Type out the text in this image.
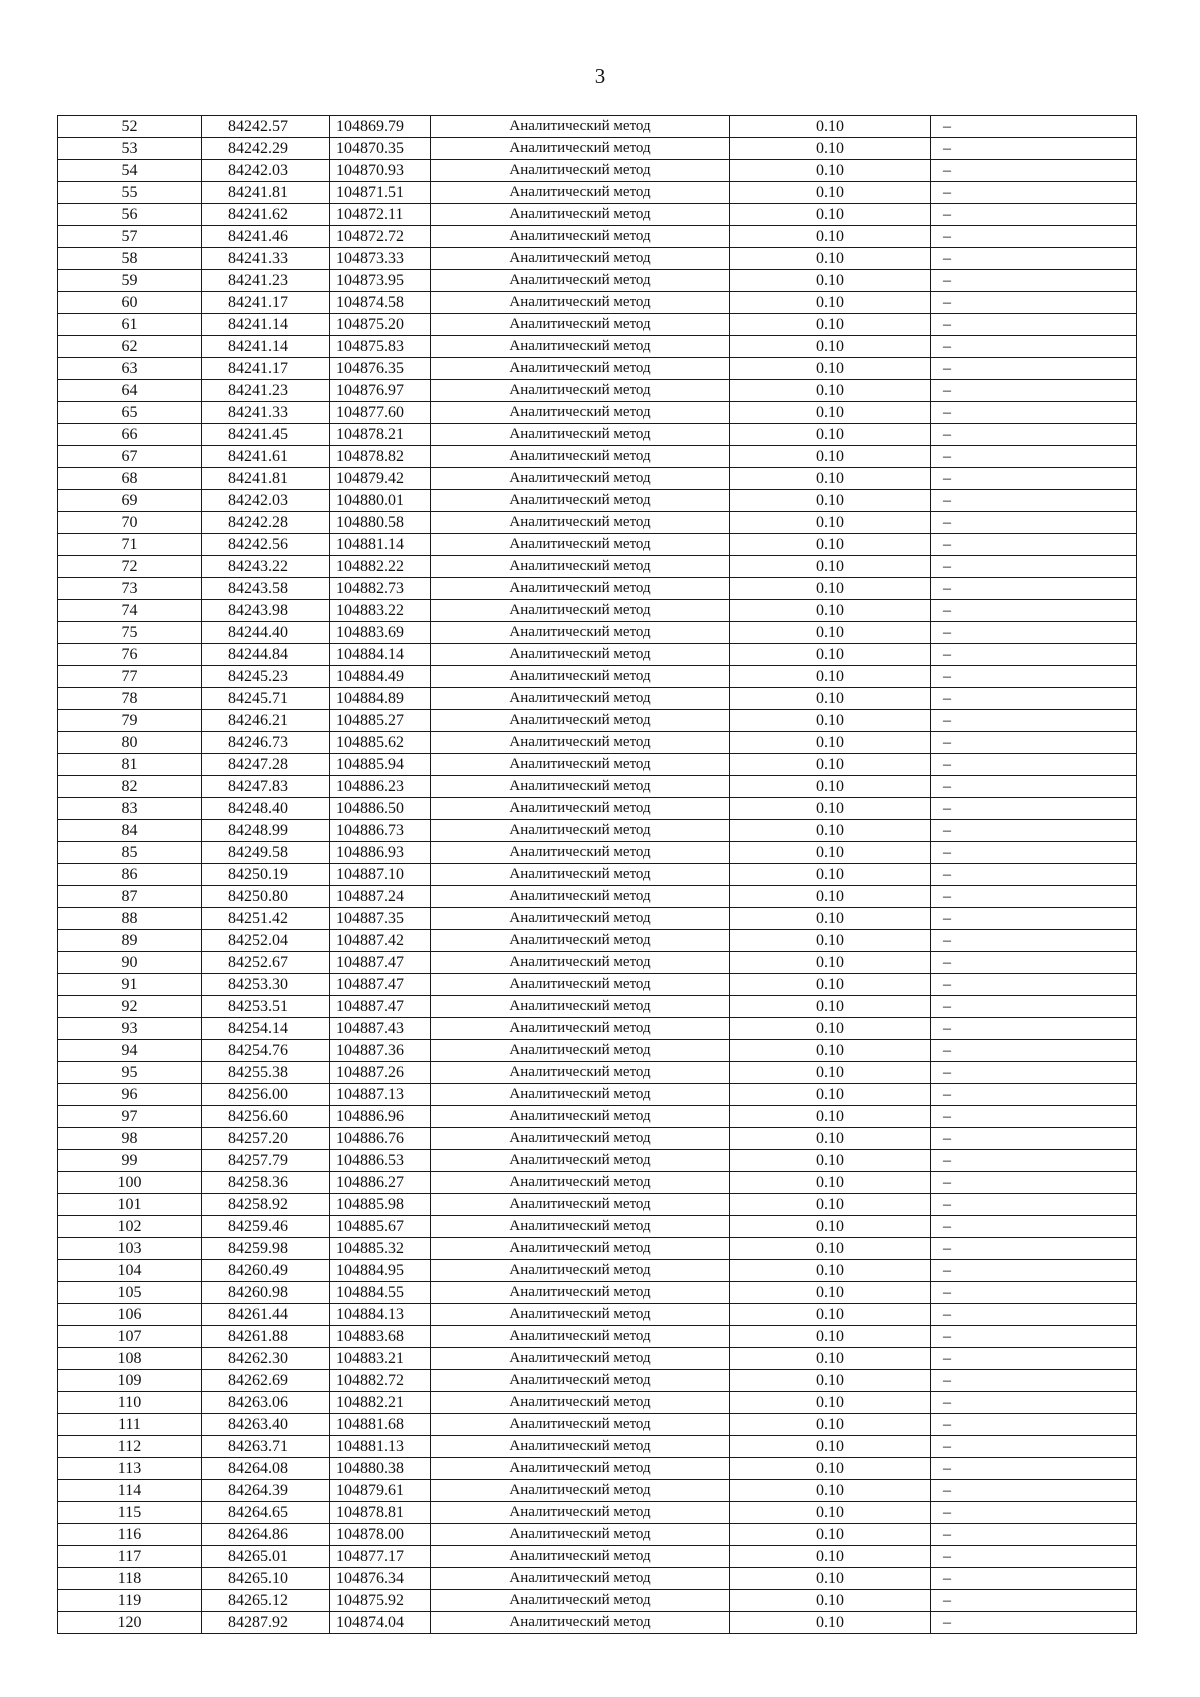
3
52	84242.57	104869.79	Аналитический метод	0.10	–
53	84242.29	104870.35	Аналитический метод	0.10	–
54	84242.03	104870.93	Аналитический метод	0.10	–
55	84241.81	104871.51	Аналитический метод	0.10	–
56	84241.62	104872.11	Аналитический метод	0.10	–
57	84241.46	104872.72	Аналитический метод	0.10	–
58	84241.33	104873.33	Аналитический метод	0.10	–
59	84241.23	104873.95	Аналитический метод	0.10	–
60	84241.17	104874.58	Аналитический метод	0.10	–
61	84241.14	104875.20	Аналитический метод	0.10	–
62	84241.14	104875.83	Аналитический метод	0.10	–
63	84241.17	104876.35	Аналитический метод	0.10	–
64	84241.23	104876.97	Аналитический метод	0.10	–
65	84241.33	104877.60	Аналитический метод	0.10	–
66	84241.45	104878.21	Аналитический метод	0.10	–
67	84241.61	104878.82	Аналитический метод	0.10	–
68	84241.81	104879.42	Аналитический метод	0.10	–
69	84242.03	104880.01	Аналитический метод	0.10	–
70	84242.28	104880.58	Аналитический метод	0.10	–
71	84242.56	104881.14	Аналитический метод	0.10	–
72	84243.22	104882.22	Аналитический метод	0.10	–
73	84243.58	104882.73	Аналитический метод	0.10	–
74	84243.98	104883.22	Аналитический метод	0.10	–
75	84244.40	104883.69	Аналитический метод	0.10	–
76	84244.84	104884.14	Аналитический метод	0.10	–
77	84245.23	104884.49	Аналитический метод	0.10	–
78	84245.71	104884.89	Аналитический метод	0.10	–
79	84246.21	104885.27	Аналитический метод	0.10	–
80	84246.73	104885.62	Аналитический метод	0.10	–
81	84247.28	104885.94	Аналитический метод	0.10	–
82	84247.83	104886.23	Аналитический метод	0.10	–
83	84248.40	104886.50	Аналитический метод	0.10	–
84	84248.99	104886.73	Аналитический метод	0.10	–
85	84249.58	104886.93	Аналитический метод	0.10	–
86	84250.19	104887.10	Аналитический метод	0.10	–
87	84250.80	104887.24	Аналитический метод	0.10	–
88	84251.42	104887.35	Аналитический метод	0.10	–
89	84252.04	104887.42	Аналитический метод	0.10	–
90	84252.67	104887.47	Аналитический метод	0.10	–
91	84253.30	104887.47	Аналитический метод	0.10	–
92	84253.51	104887.47	Аналитический метод	0.10	–
93	84254.14	104887.43	Аналитический метод	0.10	–
94	84254.76	104887.36	Аналитический метод	0.10	–
95	84255.38	104887.26	Аналитический метод	0.10	–
96	84256.00	104887.13	Аналитический метод	0.10	–
97	84256.60	104886.96	Аналитический метод	0.10	–
98	84257.20	104886.76	Аналитический метод	0.10	–
99	84257.79	104886.53	Аналитический метод	0.10	–
100	84258.36	104886.27	Аналитический метод	0.10	–
101	84258.92	104885.98	Аналитический метод	0.10	–
102	84259.46	104885.67	Аналитический метод	0.10	–
103	84259.98	104885.32	Аналитический метод	0.10	–
104	84260.49	104884.95	Аналитический метод	0.10	–
105	84260.98	104884.55	Аналитический метод	0.10	–
106	84261.44	104884.13	Аналитический метод	0.10	–
107	84261.88	104883.68	Аналитический метод	0.10	–
108	84262.30	104883.21	Аналитический метод	0.10	–
109	84262.69	104882.72	Аналитический метод	0.10	–
110	84263.06	104882.21	Аналитический метод	0.10	–
111	84263.40	104881.68	Аналитический метод	0.10	–
112	84263.71	104881.13	Аналитический метод	0.10	–
113	84264.08	104880.38	Аналитический метод	0.10	–
114	84264.39	104879.61	Аналитический метод	0.10	–
115	84264.65	104878.81	Аналитический метод	0.10	–
116	84264.86	104878.00	Аналитический метод	0.10	–
117	84265.01	104877.17	Аналитический метод	0.10	–
118	84265.10	104876.34	Аналитический метод	0.10	–
119	84265.12	104875.92	Аналитический метод	0.10	–
120	84287.92	104874.04	Аналитический метод	0.10	–
